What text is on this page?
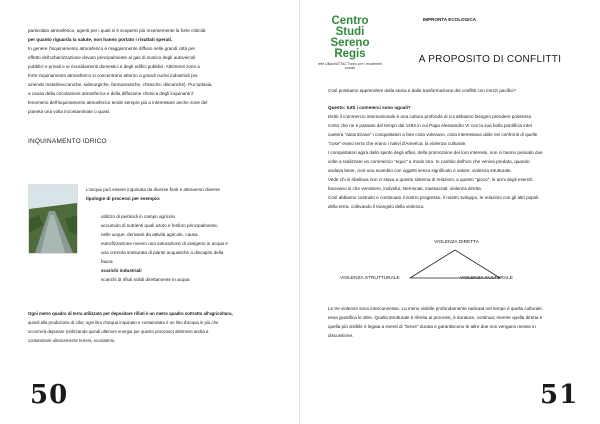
particolato atmosferico, agenti per i quali si è scoperto più recentemente la forte criticità

per quanto riguarda la salute, non hanno portato i risultati sperati.

In genere l'inquinamento atmosferico è maggiormente diffuso nelle grandi città per

effetto dell'urbanizzazione dovuto principalmente ai gas di scarico degli autoveicoli

pubblici e privati e ai riscaldamenti domestici e degli edifici pubblici. Altrimenti zone a

forte inquinamento atmosferico si concentrano attorno a grandi nuclei industriali (es.

aziende metalmeccaniche, siderurgiche, farmaceutiche, chimiche, discariche). Pur tuttavia,

a causa della circolazione atmosferica e della diffusione chimica degli inquinanti il

fenomeno dell'inquinamento atmosferico tende sempre più a interessare anche zone del

pianeta una volta incontaminate o quasi.

INQUINAMENTO IDRICO

L'acqua può essere inquinata da diverse fonti e attraverso diverse

tipologie di processi per esempio:

utilizzo di pesticidi in campo agricolo

accumulo di nutrienti quali azoto e fosforo principalmente,

nelle acque, derivanti da attività agricole, causa

eutrofizzazione ovvero una saturazione di ossigeno in acqua e

una crescita smisurata di piante acquatiche a discapito della

fauna

scarichi industriali

scarichi di rifiuti solidi direttamente in acqua

Ogni metro quadro di terra utilizzato per depositare rifiuti è un metro quadro sottratto all'agricoltura,

quindi alla produzione di cibo; ogni litro d'acqua inquinato e contaminato è un litro d'acqua in più che

occorrerà depurare (utilizzando quindi ulteriore energia per questo processo) altrimenti andrà a

contaminare ulteriormente terreni, ecosistemi.

50
Centro
Studi
Sereno
Regis
rete Lilliput/ATTAC Torino per i movimenti sociali
IMPRONTA ECOLOGICA
A PROPOSITO DI CONFLITTI

Così possiamo apprendere dalla storia e dalla trasformazione dei conflitti con mezzi pacifici?

Questo: tutti i commerci sono uguali?

Diritti il commercio internazionale è una cultura profonda di cui abbiamo bisogno prendere possesso

Certo che ne è passato del tempo dal 1493 in cui Papa Alessandro VI con la sua bolla pontificia inter

caetera "autorizzava" i conquistatori a fare cosa volevano, cosa interessava ubile nei confronti di quelle

"cose" erano terra che erano i nativi d'America: la violenza culturale.

I conquistatori agirà dallo spirito degli affari, della promozione dei loro interessi, non ci hanno pensato due

volte a realizzare un commercio "equo" a modo loro. In cambio dell'oro che veniva predato, quando

andava bene, cioè uno scambio con oggetti senza significato e valore: violenza strutturale.

Vede chi si ribellava non ci stava a questo sistema di relazioni, a questo "gioco", le armi degli eserciti

facevano si che venissero, individui, sterminati, massacrati: violenza diretta.

Così abbiamo costruito e continuato il nostro progresso, il nostro sviluppo, le relazioni con gli altri popoli

della terra, coltivando il triangolo della violenza.

VIOLENZA DIRETTA
VIOLENZA STRUTTURALE	VIOLENZA CULTURALE

Le tre violenze sono interconnesse. La meno visibile profondamente radicata nel tempo è quella culturale,

essa giustifica le altre. Quella strutturale è riferita ai processi, è durature, continua; mentre quella diretta è

quella più visibile è legata a eventi di "breve" durata e garantiscono le altre due non vengano messe in

discussione.

51
